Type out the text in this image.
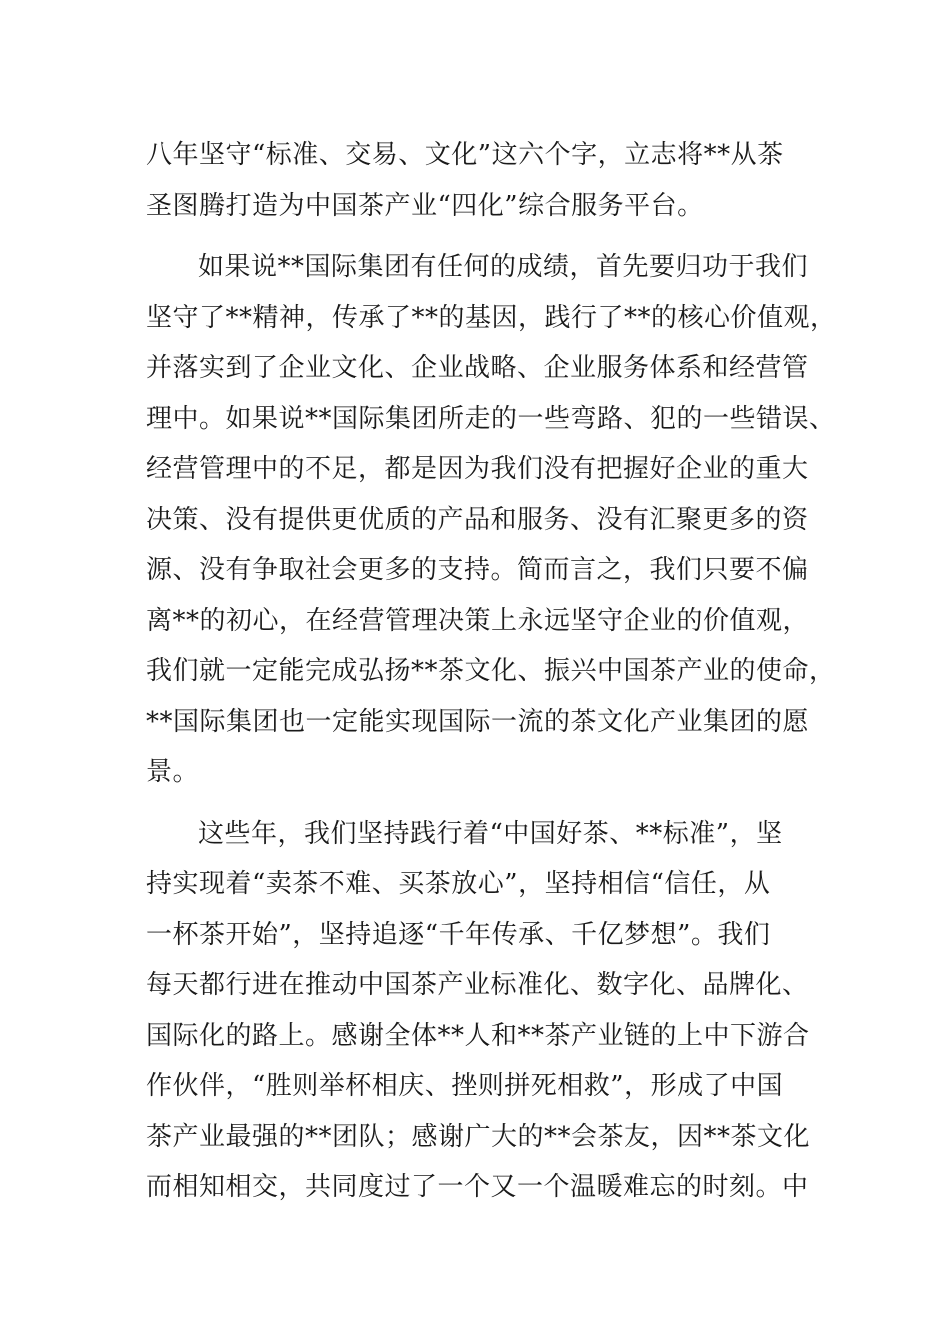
八年坚守“标准、交易、文化”这六个字，立志将**从茶
圣图腾打造为中国茶产业“四化”综合服务平台。
如果说**国际集团有任何的成绩，首先要归功于我们
坚守了**精神，传承了**的基因，践行了**的核心价值观，
并落实到了企业文化、企业战略、企业服务体系和经营管
理中。如果说**国际集团所走的一些弯路、犯的一些错误、
经营管理中的不足，都是因为我们没有把握好企业的重大
决策、没有提供更优质的产品和服务、没有汇聚更多的资
源、没有争取社会更多的支持。简而言之，我们只要不偏
离**的初心，在经营管理决策上永远坚守企业的价值观，
我们就一定能完成弘扬**茶文化、振兴中国茶产业的使命，
**国际集团也一定能实现国际一流的茶文化产业集团的愿
景。
这些年，我们坚持践行着“中国好茶、**标准”，坚
持实现着“卖茶不难、买茶放心”，坚持相信“信任，从
一杯茶开始”，坚持追逐“千年传承、千亿梦想”。我们
每天都行进在推动中国茶产业标准化、数字化、品牌化、
国际化的路上。感谢全体**人和**茶产业链的上中下游合
作伙伴，“胜则举杯相庆、挫则拼死相救”，形成了中国
茶产业最强的**团队；感谢广大的**会茶友，因**茶文化
而相知相交，共同度过了一个又一个温暖难忘的时刻。中
